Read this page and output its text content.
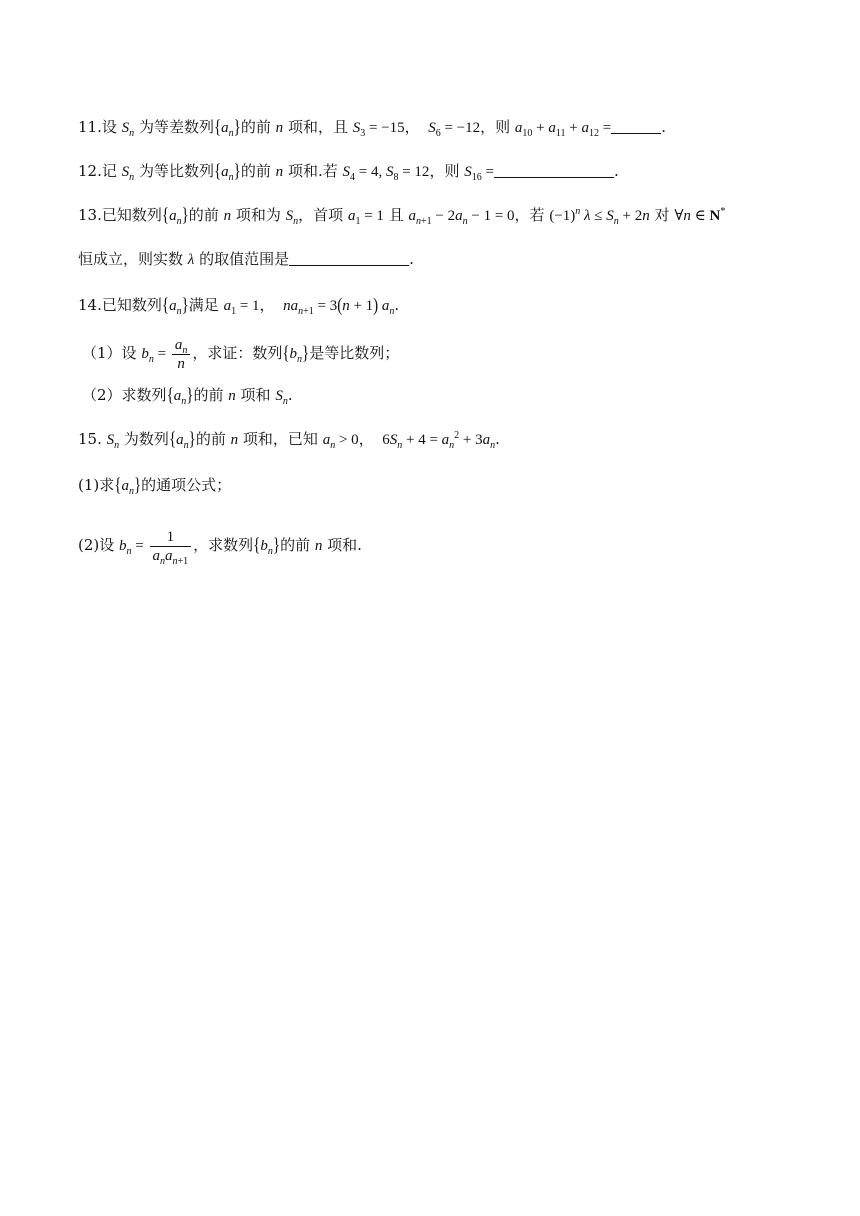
11.设 $S_n$ 为等差数列$\{a_n\}$的前 n 项和，且 $S_3 = -15$，  $S_6 = -12$，则 $a_{10} + a_{11} + a_{12}$ =	.
12.记 $S_n$ 为等比数列$\{a_n\}$的前 n 项和.若 $S_4 = 4$, $S_8 = 12$，则 $S_{16}$ =	.
13.已知数列$\{a_n\}$的前 n 项和为 $S_n$，首项 $a_1 = 1$ 且 $a_{n+1} - 2a_n - 1 = 0$，若 $(-1)^n$ $\lambda \le S_n + 2n$ 对 ∀n ∈ N*
恒成立，则实数 λ 的取值范围是	.
14.已知数列$\{a_n\}$满足 $a_1 = 1$，  $na_{n+1} = 3(n + 1)$ $a_n$.
（1）设 $b_n = \frac{a_n}{n}$ ，求证：数列$\{b_n\}$是等比数列；
（2）求数列$\{a_n\}$的前 n 项和 $S_n$.
15. $S_n$ 为数列$\{a_n\}$的前 n 项和，已知 $a_n > 0$， $6S_n + 4 = a_n^2 + 3a_n$.
(1)求$\{a_n\}$的通项公式；
(2)设 $b_n = \frac{1}{a_na_{n+1}}$ ，求数列$\{b_n\}$的前 n 项和.
